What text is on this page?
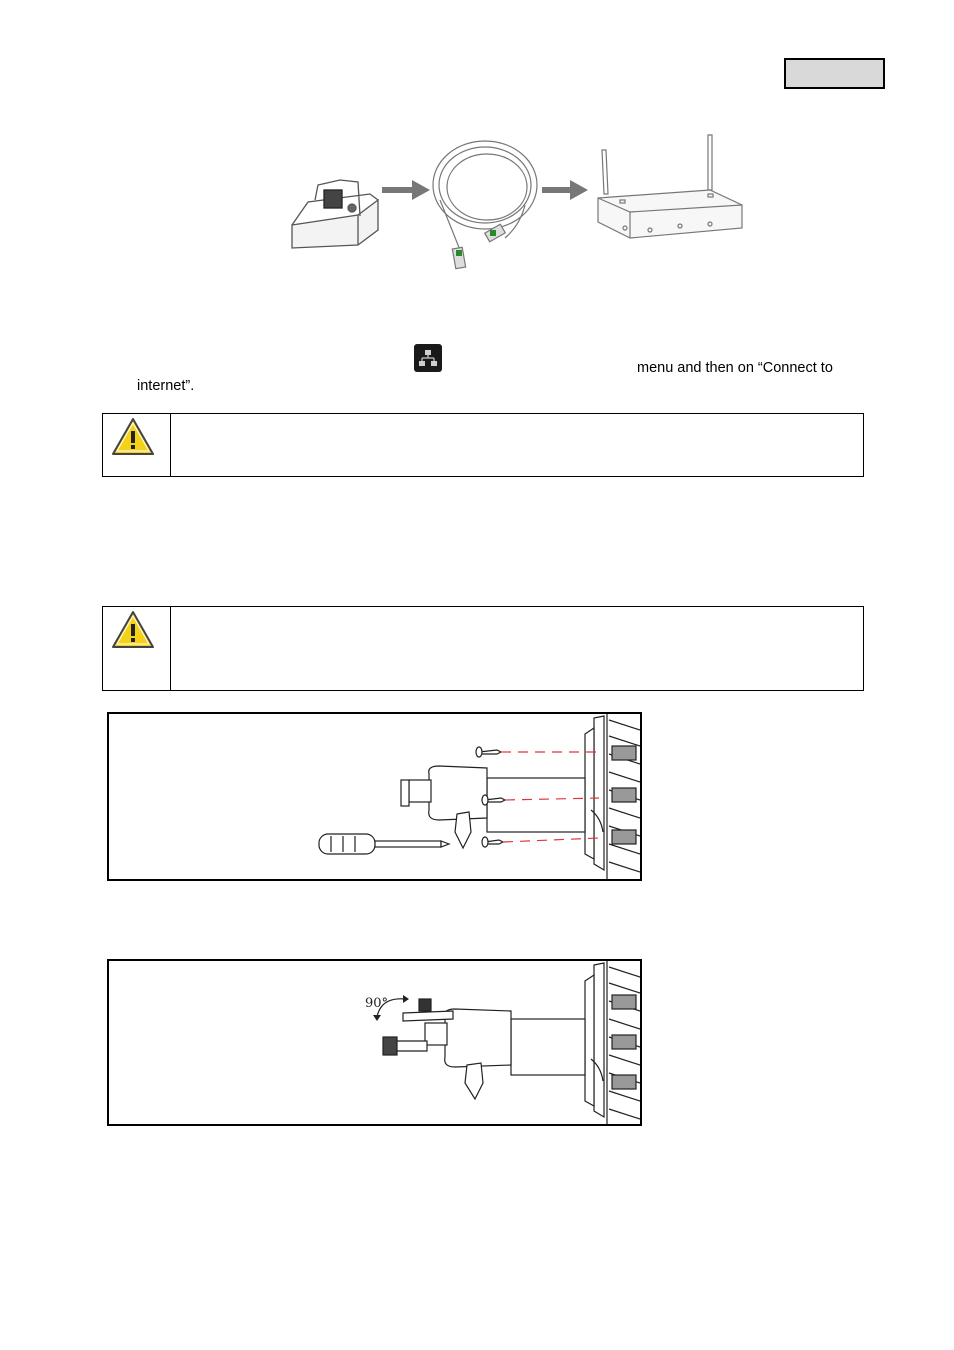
menu and then on “Connect to
internet”.
90°
